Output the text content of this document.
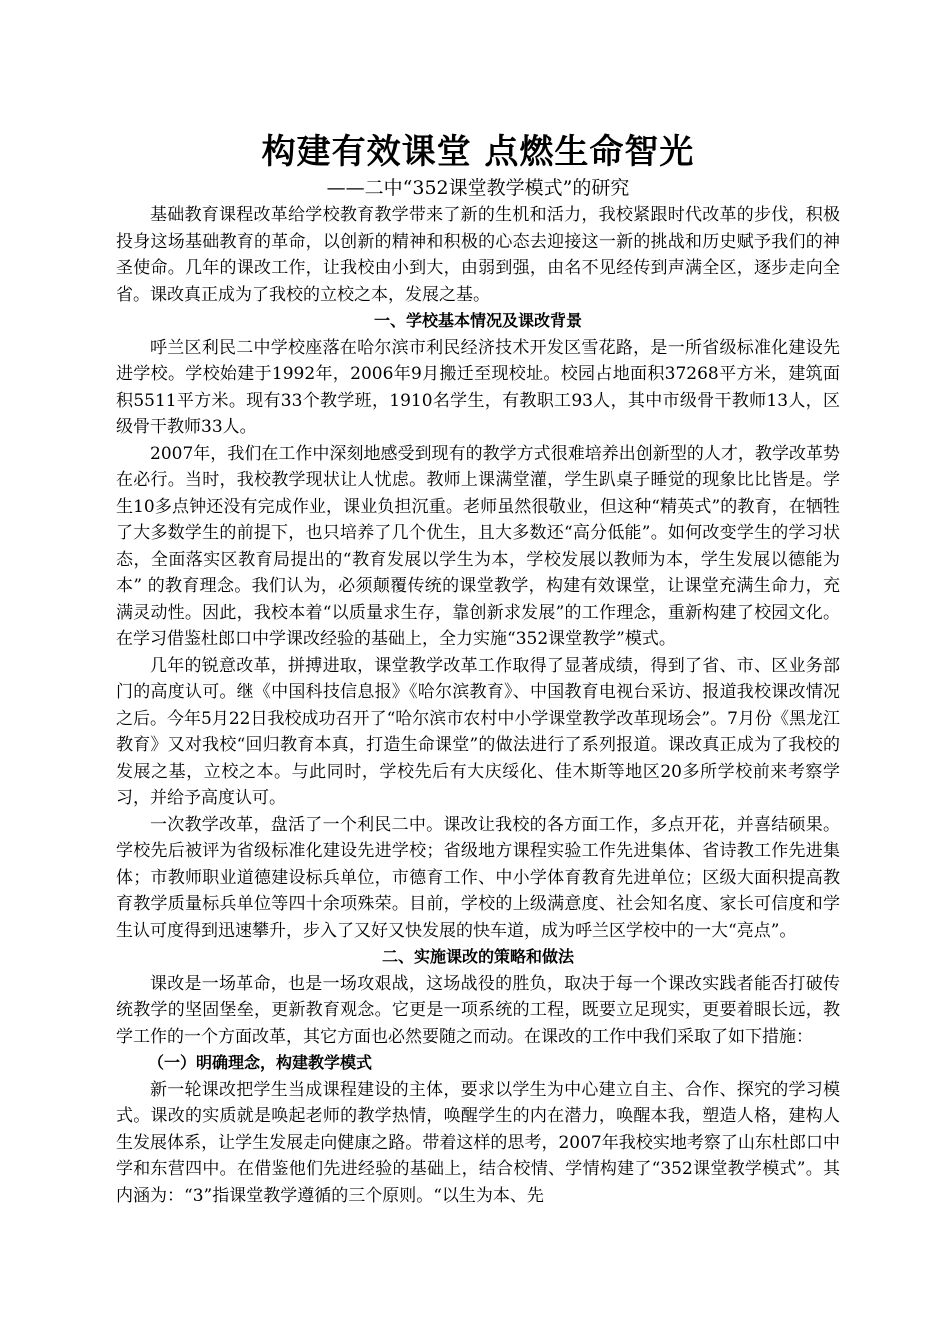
构建有效课堂 点燃生命智光

——二中“352课堂教学模式”的研究

基础教育课程改革给学校教育教学带来了新的生机和活力，我校紧跟时代改革的步伐，积极投身这场基础教育的革命，以创新的精神和积极的心态去迎接这一新的挑战和历史赋予我们的神圣使命。几年的课改工作，让我校由小到大，由弱到强，由名不见经传到声满全区，逐步走向全省。课改真正成为了我校的立校之本，发展之基。

一、学校基本情况及课改背景

呼兰区利民二中学校座落在哈尔滨市利民经济技术开发区雪花路，是一所省级标准化建设先进学校。学校始建于1992年，2006年9月搬迁至现校址。校园占地面积37268平方米，建筑面积5511平方米。现有33个教学班，1910名学生，有教职工93人，其中市级骨干教师13人，区级骨干教师33人。

2007年，我们在工作中深刻地感受到现有的教学方式很难培养出创新型的人才，教学改革势在必行。当时，我校教学现状让人忧虑。教师上课满堂灌，学生趴桌子睡觉的现象比比皆是。学生10多点钟还没有完成作业，课业负担沉重。老师虽然很敬业，但这种“精英式”的教育，在牺牲了大多数学生的前提下，也只培养了几个优生，且大多数还“高分低能”。如何改变学生的学习状态，全面落实区教育局提出的“教育发展以学生为本，学校发展以教师为本，学生发展以德能为本” 的教育理念。我们认为，必须颠覆传统的课堂教学，构建有效课堂，让课堂充满生命力，充满灵动性。因此，我校本着“以质量求生存，靠创新求发展”的工作理念，重新构建了校园文化。在学习借鉴杜郎口中学课改经验的基础上，全力实施“352课堂教学”模式。

几年的锐意改革，拼搏进取，课堂教学改革工作取得了显著成绩，得到了省、市、区业务部门的高度认可。继《中国科技信息报》《哈尔滨教育》、中国教育电视台采访、报道我校课改情况之后。今年5月22日我校成功召开了“哈尔滨市农村中小学课堂教学改革现场会”。7月份《黑龙江教育》又对我校“回归教育本真，打造生命课堂”的做法进行了系列报道。课改真正成为了我校的发展之基，立校之本。与此同时，学校先后有大庆绥化、佳木斯等地区20多所学校前来考察学习，并给予高度认可。

一次教学改革，盘活了一个利民二中。课改让我校的各方面工作，多点开花，并喜结硕果。学校先后被评为省级标准化建设先进学校；省级地方课程实验工作先进集体、省诗教工作先进集体；市教师职业道德建设标兵单位，市德育工作、中小学体育教育先进单位；区级大面积提高教育教学质量标兵单位等四十余项殊荣。目前，学校的上级满意度、社会知名度、家长可信度和学生认可度得到迅速攀升，步入了又好又快发展的快车道，成为呼兰区学校中的一大“亮点”。

二、实施课改的策略和做法

课改是一场革命，也是一场攻艰战，这场战役的胜负，取决于每一个课改实践者能否打破传统教学的坚固堡垒，更新教育观念。它更是一项系统的工程，既要立足现实，更要着眼长远，教学工作的一个方面改革，其它方面也必然要随之而动。在课改的工作中我们采取了如下措施：

（一）明确理念，构建教学模式

新一轮课改把学生当成课程建设的主体，要求以学生为中心建立自主、合作、探究的学习模式。课改的实质就是唤起老师的教学热情，唤醒学生的内在潜力，唤醒本我，塑造人格，建构人生发展体系，让学生发展走向健康之路。带着这样的思考，2007年我校实地考察了山东杜郎口中学和东营四中。在借鉴他们先进经验的基础上，结合校情、学情构建了“352课堂教学模式”。其内涵为：“3”指课堂教学遵循的三个原则。“以生为本、先
